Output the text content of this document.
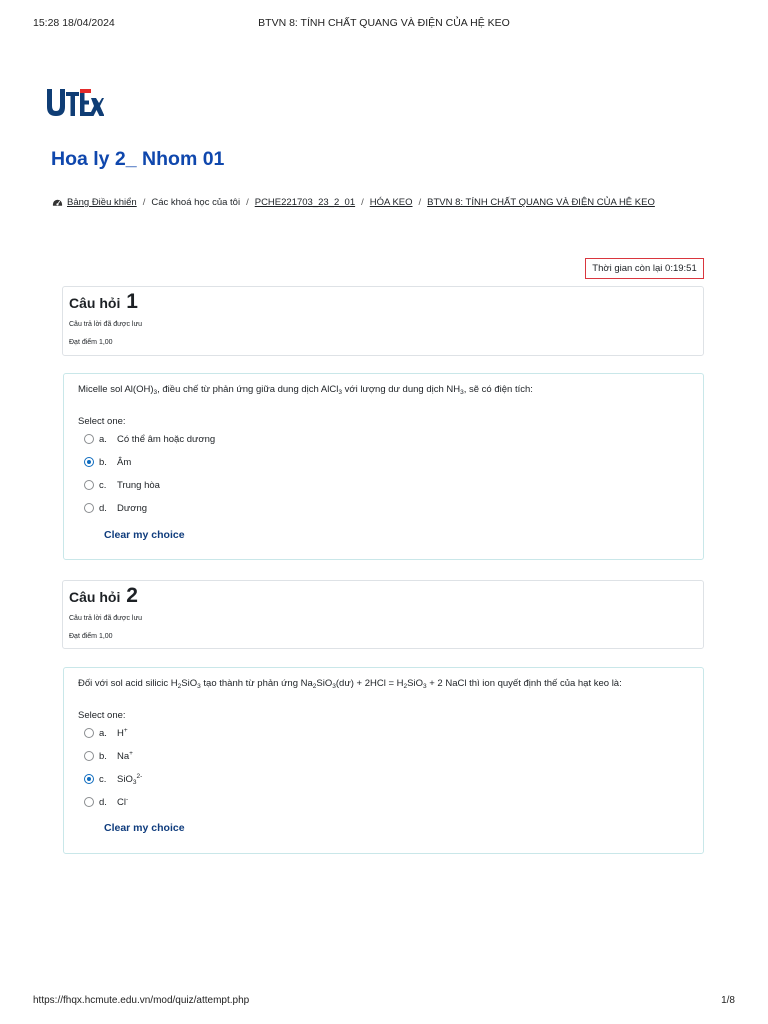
15:28 18/04/2024	BTVN 8: TÍNH CHẤT QUANG VÀ ĐIỆN CỦA HỆ KEO
Hoa ly 2_ Nhom 01
Bảng Điều khiển / Các khoá học của tôi / PCHE221703_23_2_01 / HÓA KEO / BTVN 8: TÍNH CHẤT QUANG VÀ ĐIỆN CỦA HỆ KEO
Thời gian còn lại 0:19:51
Câu hỏi 1
Câu trả lời đã được lưu
Đạt điểm 1,00
Micelle sol $Al(OH)_3$, điều chế từ phản ứng giữa dung dịch AlCl$_3$ với lượng dư dung dịch $NH_3$, sẽ có điện tích:
Select one:
a.	Có thể âm hoặc dương
b.	Âm
c.	Trung hòa
d.	Dương
Clear my choice
Câu hỏi 2
Câu trả lời đã được lưu
Đạt điểm 1,00
Đối với sol acid silicic $H_2SiO_3$ tạo thành từ phản ứng $Na_2SiO_3(dư) + 2HCl = H_2SiO_3 + 2$ NaCl thì ion quyết định thế của hạt keo là:
Select one:
a.	H+
b.	Na+
c.	SiO$_3^{2-}$
d.	Cl-
Clear my choice
https://fhqx.hcmute.edu.vn/mod/quiz/attempt.php	1/8
